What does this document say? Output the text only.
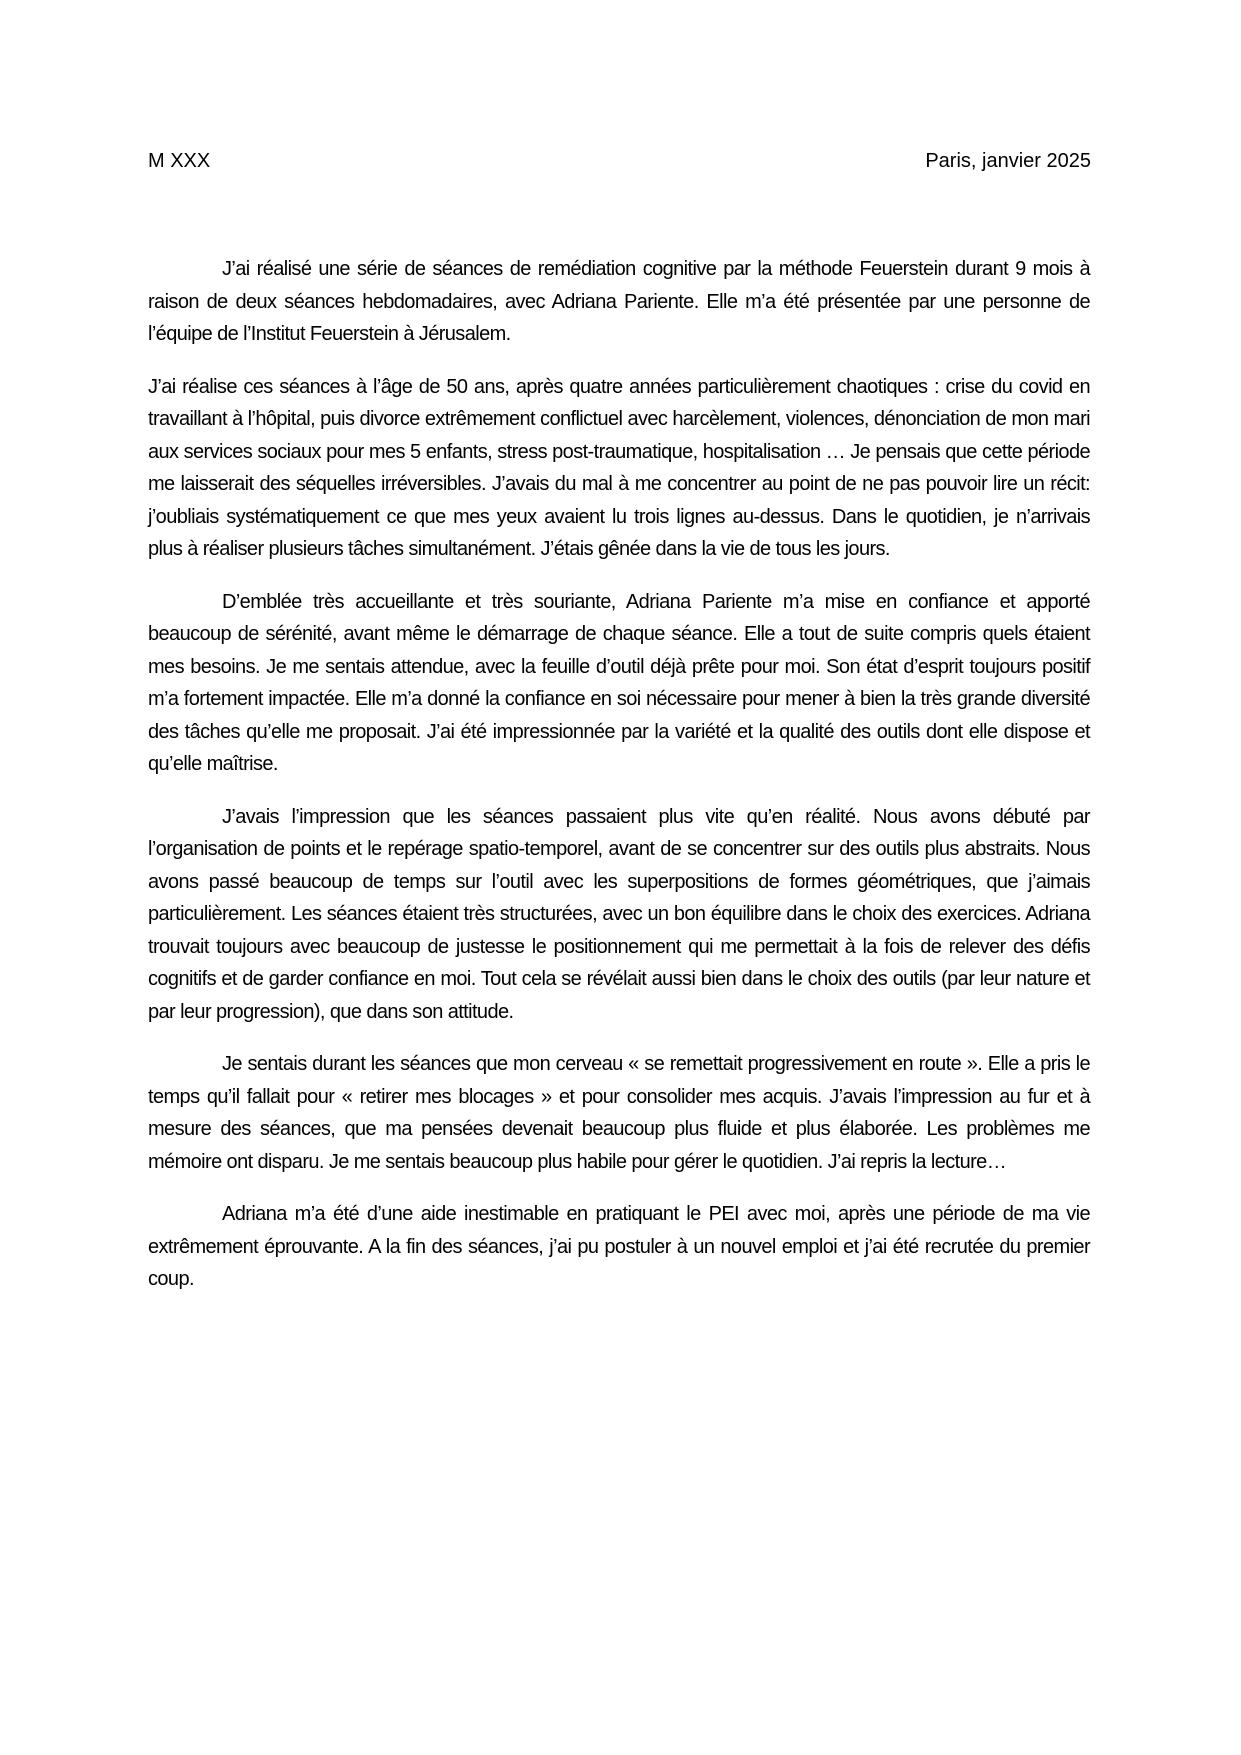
M XXX	Paris, janvier 2025

J’ai réalisé une série de séances de remédiation cognitive par la méthode Feuerstein durant 9 mois à raison de deux séances hebdomadaires, avec Adriana Pariente. Elle m’a été présentée par une personne de l’équipe de l’Institut Feuerstein à Jérusalem.

J’ai réalise ces séances à l’âge de 50 ans, après quatre années particulièrement chaotiques : crise du covid en travaillant à l’hôpital, puis divorce extrêmement conflictuel avec harcèlement, violences, dénonciation de mon mari aux services sociaux pour mes 5 enfants, stress post-traumatique, hospitalisation … Je pensais que cette période me laisserait des séquelles irréversibles. J’avais du mal à me concentrer au point de ne pas pouvoir lire un récit: j’oubliais systématiquement ce que mes yeux avaient lu trois lignes au-dessus. Dans le quotidien, je n’arrivais plus à réaliser plusieurs tâches simultanément. J’étais gênée dans la vie de tous les jours.

D’emblée très accueillante et très souriante, Adriana Pariente m’a mise en confiance et apporté beaucoup de sérénité, avant même le démarrage de chaque séance. Elle a tout de suite compris quels étaient mes besoins. Je me sentais attendue, avec la feuille d’outil déjà prête pour moi. Son état d’esprit toujours positif m’a fortement impactée. Elle m’a donné la confiance en soi nécessaire pour mener à bien la très grande diversité des tâches qu’elle me proposait. J’ai été impressionnée par la variété et la qualité des outils dont elle dispose et qu’elle maîtrise.

J’avais l’impression que les séances passaient plus vite qu’en réalité. Nous avons débuté par l’organisation de points et le repérage spatio-temporel, avant de se concentrer sur des outils plus abstraits. Nous avons passé beaucoup de temps sur l’outil avec les superpositions de formes géométriques, que j’aimais particulièrement. Les séances étaient très structurées, avec un bon équilibre dans le choix des exercices. Adriana trouvait toujours avec beaucoup de justesse le positionnement qui me permettait à la fois de relever des défis cognitifs et de garder confiance en moi. Tout cela se révélait aussi bien dans le choix des outils (par leur nature et par leur progression), que dans son attitude.

Je sentais durant les séances que mon cerveau « se remettait progressivement en route ». Elle a pris le temps qu’il fallait pour « retirer mes blocages » et pour consolider mes acquis. J’avais l’impression au fur et à mesure des séances, que ma pensées devenait beaucoup plus fluide et plus élaborée. Les problèmes me mémoire ont disparu. Je me sentais beaucoup plus habile pour gérer le quotidien. J’ai repris la lecture…

Adriana m’a été d’une aide inestimable en pratiquant le PEI avec moi, après une période de ma vie extrêmement éprouvante. A la fin des séances, j’ai pu postuler à un nouvel emploi et j’ai été recrutée du premier coup.
